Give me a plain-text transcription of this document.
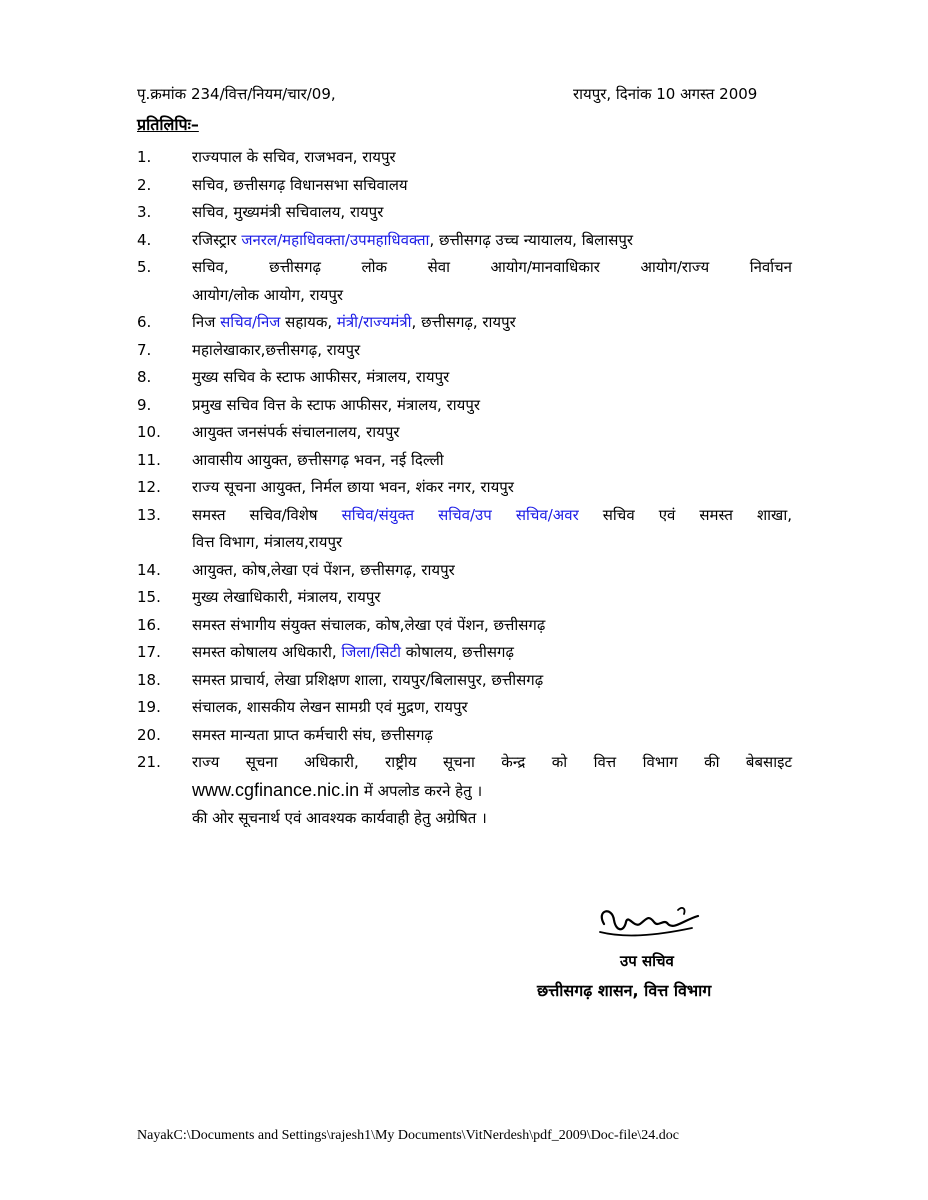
पृ.क्रमांक 234/वित्त/नियम/चार/09,	रायपुर, दिनांक 10 अगस्त 2009
प्रतिलिपिः–
1.	राज्यपाल के सचिव, राजभवन, रायपुर
2.	सचिव, छत्तीसगढ़ विधानसभा सचिवालय
3.	सचिव, मुख्यमंत्री सचिवालय, रायपुर
4.	रजिस्ट्रार जनरल/महाधिवक्ता/उपमहाधिवक्ता, छत्तीसगढ़ उच्च न्यायालय, बिलासपुर
5.	सचिव, छत्तीसगढ़ लोक सेवा आयोग/मानवाधिकार आयोग/राज्य निर्वाचन
आयोग/लोक आयोग, रायपुर
6.	निज सचिव/निज सहायक, मंत्री/राज्यमंत्री, छत्तीसगढ़, रायपुर
7.	महालेखाकार,छत्तीसगढ़, रायपुर
8.	मुख्य सचिव के स्टाफ आफीसर, मंत्रालय, रायपुर
9.	प्रमुख सचिव वित्त के स्टाफ आफीसर, मंत्रालय, रायपुर
10.	आयुक्त जनसंपर्क संचालनालय, रायपुर
11.	आवासीय आयुक्त, छत्तीसगढ़ भवन, नई दिल्ली
12.	राज्य सूचना आयुक्त, निर्मल छाया भवन, शंकर नगर, रायपुर
13.	समस्त सचिव/विशेष सचिव/संयुक्त सचिव/उप सचिव/अवर सचिव एवं समस्त शाखा,
वित्त विभाग, मंत्रालय,रायपुर
14.	आयुक्त, कोष,लेखा एवं पेंशन, छत्तीसगढ़, रायपुर
15.	मुख्य लेखाधिकारी, मंत्रालय, रायपुर
16.	समस्त संभागीय संयुक्त संचालक, कोष,लेखा एवं पेंशन, छत्तीसगढ़
17.	समस्त कोषालय अधिकारी, जिला/सिटी कोषालय, छत्तीसगढ़
18.	समस्त प्राचार्य, लेखा प्रशिक्षण शाला, रायपुर/बिलासपुर, छत्तीसगढ़
19.	संचालक, शासकीय लेखन सामग्री एवं मुद्रण, रायपुर
20.	समस्त मान्यता प्राप्त कर्मचारी संघ, छत्तीसगढ़
21.	राज्य सूचना अधिकारी, राष्ट्रीय सूचना केन्द्र को वित्त विभाग की बेबसाइट
www.cgfinance.nic.in में अपलोड करने हेतु ।
की ओर सूचनार्थ एवं आवश्यक कार्यवाही हेतु अग्रेषित ।
उप सचिव
छत्तीसगढ़ शासन, वित्त विभाग
NayakC:\Documents and Settings\rajesh1\My Documents\VitNerdesh\pdf_2009\Doc-file\24.doc
